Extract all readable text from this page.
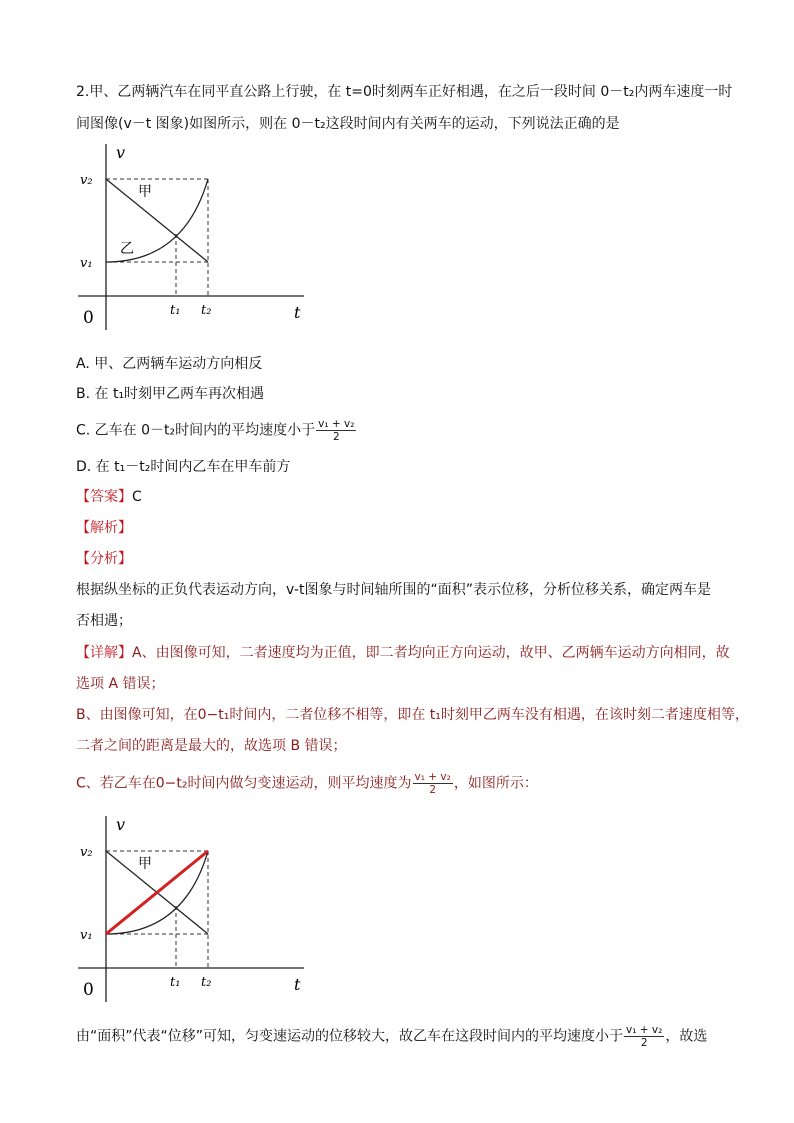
2.甲、乙两辆汽车在同平直公路上行驶，在 t=0时刻两车正好相遇，在之后一段时间 0－t₂内两车速度一时
间图像(v－t 图象)如图所示，则在 0－t₂这段时间内有关两车的运动，下列说法正确的是
v
v₂
v₁
甲
乙
t₁ t₂
0	t
A. 甲、乙两辆车运动方向相反
B. 在 t₁时刻甲乙两车再次相遇
C. 乙车在 0－t₂时间内的平均速度小于 $\frac{\text{v₁ + v₂}}{2}$
D. 在 t₁－t₂时间内乙车在甲车前方
【答案】C
【解析】
【分析】
根据纵坐标的正负代表运动方向，v-t图象与时间轴所围的“面积”表示位移，分析位移关系，确定两车是
否相遇；
【详解】A、由图像可知，二者速度均为正值，即二者均向正方向运动，故甲、乙两辆车运动方向相同，故
选项 A 错误；
B、由图像可知，在0−t₁时间内，二者位移不相等，即在 t₁时刻甲乙两车没有相遇，在该时刻二者速度相等，
二者之间的距离是最大的，故选项 B 错误；
C、若乙车在0−t₂时间内做匀变速运动，则平均速度为 $\frac{\text{v₁ + v₂}}{2}$ ，如图所示：
v
v₂
v₁
甲
t₁ t₂
0	t
由“面积”代表“位移”可知，匀变速运动的位移较大，故乙车在这段时间内的平均速度小于 $\frac{\text{v₁ + v₂}}{2}$ ，故选
